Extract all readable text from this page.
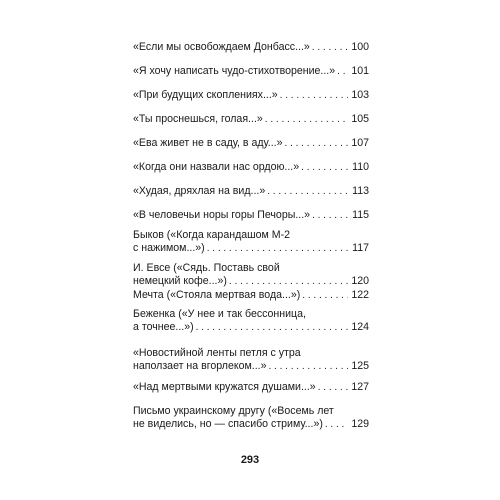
«Если мы освобождаем Донбасс...» . . .	100
«Я хочу написать чудо-стихотворение...» . . . 101
«При будущих скоплениях...» . . .	103
«Ты проснешься, голая...» . . .	105
«Ева живет не в саду, в аду...» . . .	107
«Когда они назвали нас ордою...» . . .	110
«Худая, дряхлая на вид...» . . .	113
«В человечьи норы горы Печоры...» . . .	115
Быков («Когда карандашом М-2
с нажимом...») . . .	117
И. Евсе («Сядь. Поставь свой
немецкий кофе...») . . .	120
Мечта («Стояла мертвая вода...») . . .	122
Беженка («У нее и так бессонница,
а точнее...») . . .	124
«Новостийной ленты петля с утра
наползает на вгорлеком...» . . .	125
«Над мертвыми кружатся душами...» . . .	127
Письмо украинскому другу («Восемь лет
не виделись, но — спасибо стриму...») . . .	129
293
